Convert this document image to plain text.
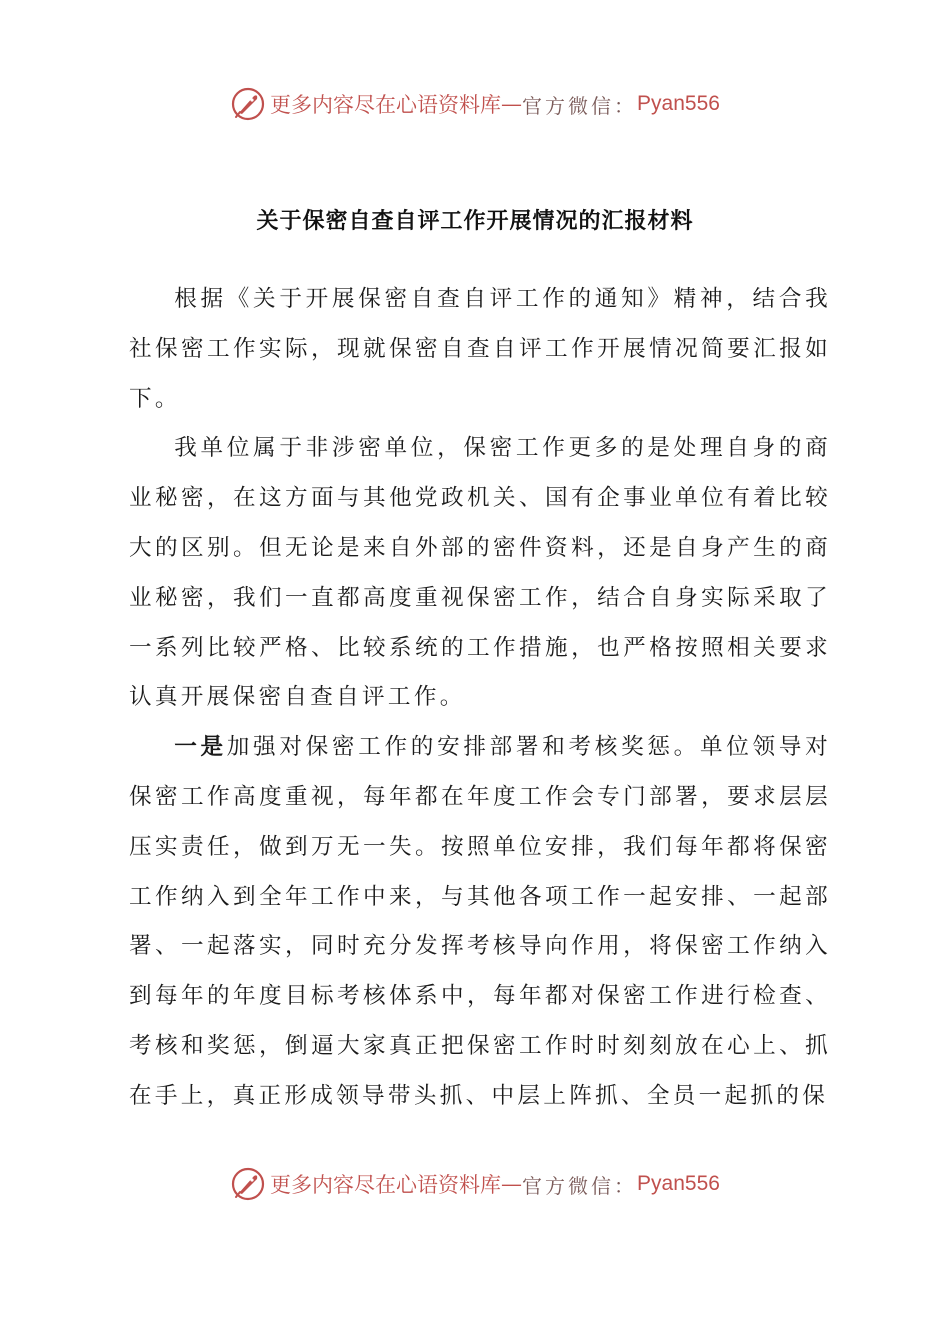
更多内容尽在心语资料库 — 官方微信： Pyan556
关于保密自查自评工作开展情况的汇报材料

根据《关于开展保密自查自评工作的通知》精神，结合我社保密工作实际，现就保密自查自评工作开展情况简要汇报如下。

我单位属于非涉密单位，保密工作更多的是处理自身的商业秘密，在这方面与其他党政机关、国有企事业单位有着比较大的区别。但无论是来自外部的密件资料，还是自身产生的商业秘密，我们一直都高度重视保密工作，结合自身实际采取了一系列比较严格、比较系统的工作措施，也严格按照相关要求认真开展保密自查自评工作。

一是加强对保密工作的安排部署和考核奖惩。单位领导对保密工作高度重视，每年都在年度工作会专门部署，要求层层压实责任，做到万无一失。按照单位安排，我们每年都将保密工作纳入到全年工作中来，与其他各项工作一起安排、一起部署、一起落实，同时充分发挥考核导向作用，将保密工作纳入到每年的年度目标考核体系中，每年都对保密工作进行检查、考核和奖惩，倒逼大家真正把保密工作时时刻刻放在心上、抓在手上，真正形成领导带头抓、中层上阵抓、全员一起抓的保

更多内容尽在心语资料库 — 官方微信： Pyan556
